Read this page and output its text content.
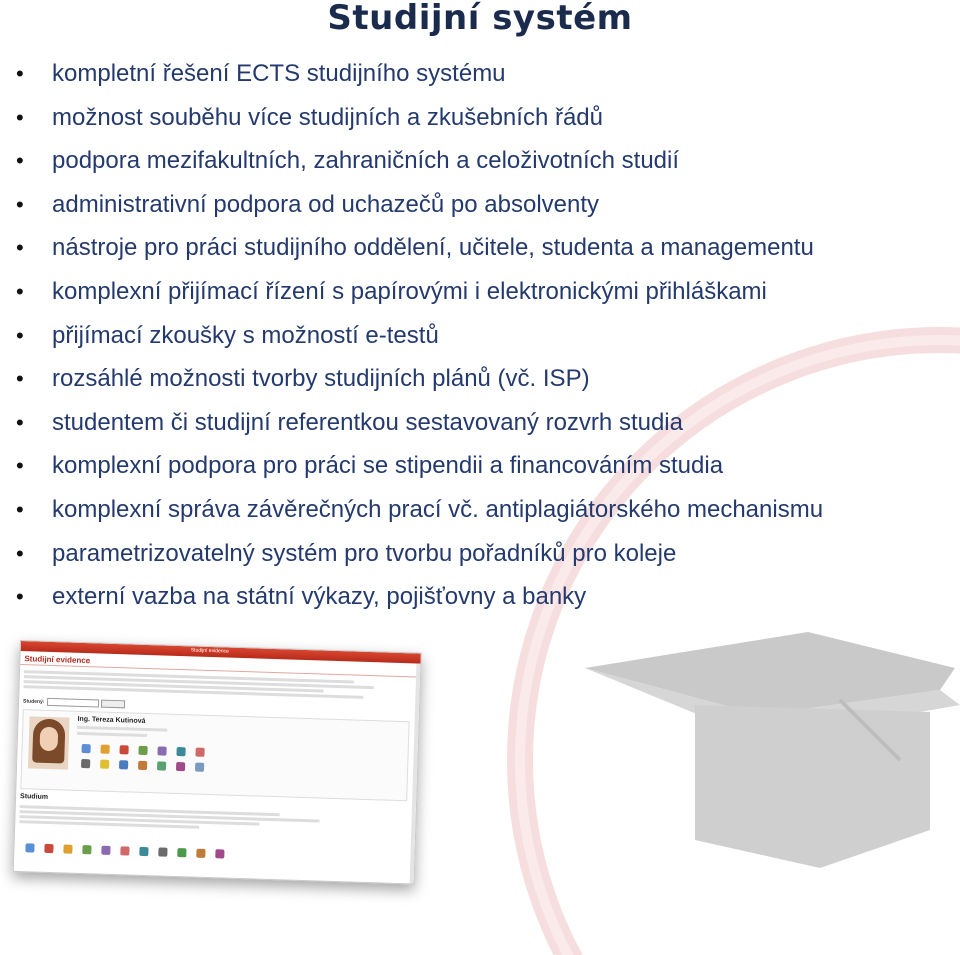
Studijní systém
• kompletní řešení ECTS studijního systému
• možnost souběhu více studijních a zkušebních řádů
• podpora mezifakultních, zahraničních a celoživotních studií
• administrativní podpora od uchazečů po absolventy
• nástroje pro práci studijního oddělení, učitele, studenta a managementu
• komplexní přijímací řízení s papírovými i elektronickými přihláškami
• přijímací zkoušky s možností e-testů
• rozsáhlé možnosti tvorby studijních plánů (vč. ISP)
• studentem či studijní referentkou sestavovaný rozvrh studia
• komplexní podpora pro práci se stipendii a financováním studia
• komplexní správa závěrečných prací vč. antiplagiátorského mechanismu
• parametrizovatelný systém pro tvorbu pořadníků pro koleje
• externí vazba na státní výkazy, pojišťovny a banky
Studijní evidence
Studijní evidence
Studený:
Ing. Tereza Kutinová

Studium
